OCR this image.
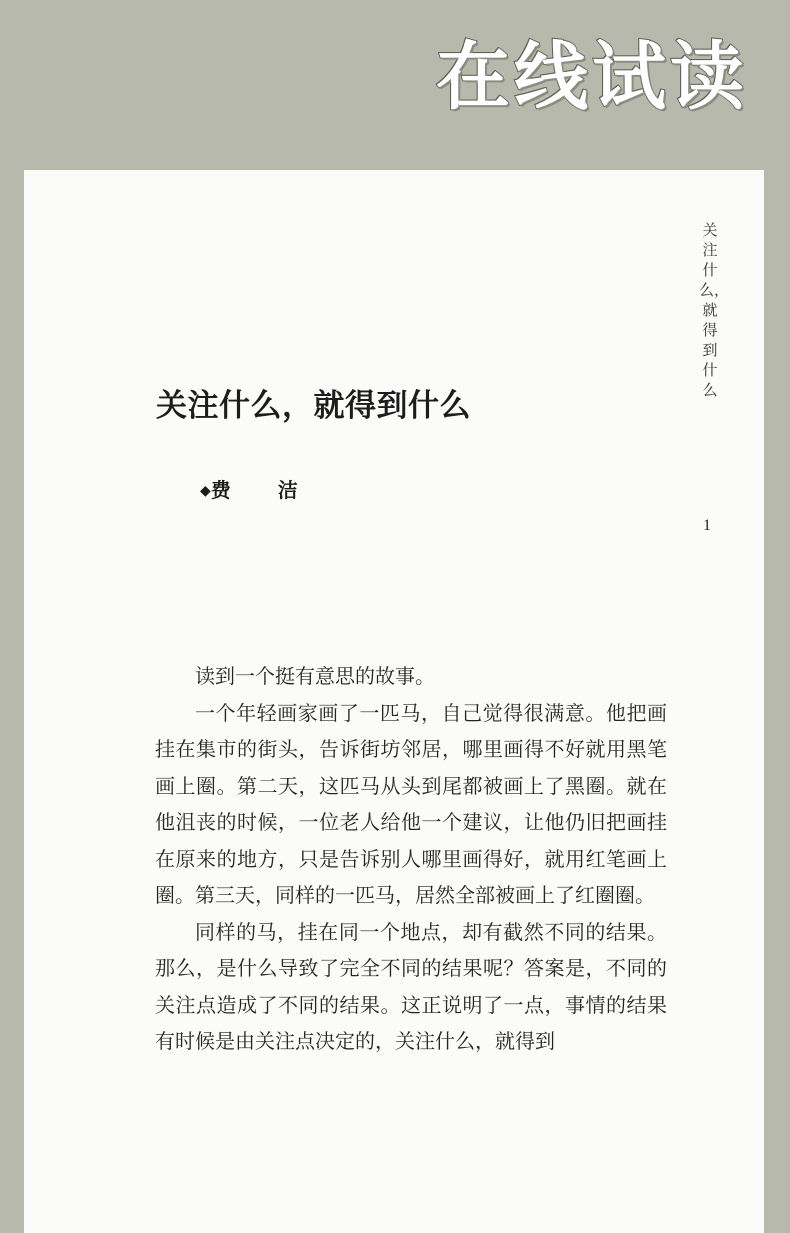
在线试读
关注什么，就得到什么
1
关注什么，就得到什么
◆费 洁

读到一个挺有意思的故事。

一个年轻画家画了一匹马，自己觉得很满意。他把画挂在集市的街头，告诉街坊邻居，哪里画得不好就用黑笔画上圈。第二天，这匹马从头到尾都被画上了黑圈。就在他沮丧的时候，一位老人给他一个建议，让他仍旧把画挂在原来的地方，只是告诉别人哪里画得好，就用红笔画上圈。第三天，同样的一匹马，居然全部被画上了红圈圈。

同样的马，挂在同一个地点，却有截然不同的结果。那么，是什么导致了完全不同的结果呢？答案是，不同的关注点造成了不同的结果。这正说明了一点，事情的结果有时候是由关注点决定的，关注什么，就得到
